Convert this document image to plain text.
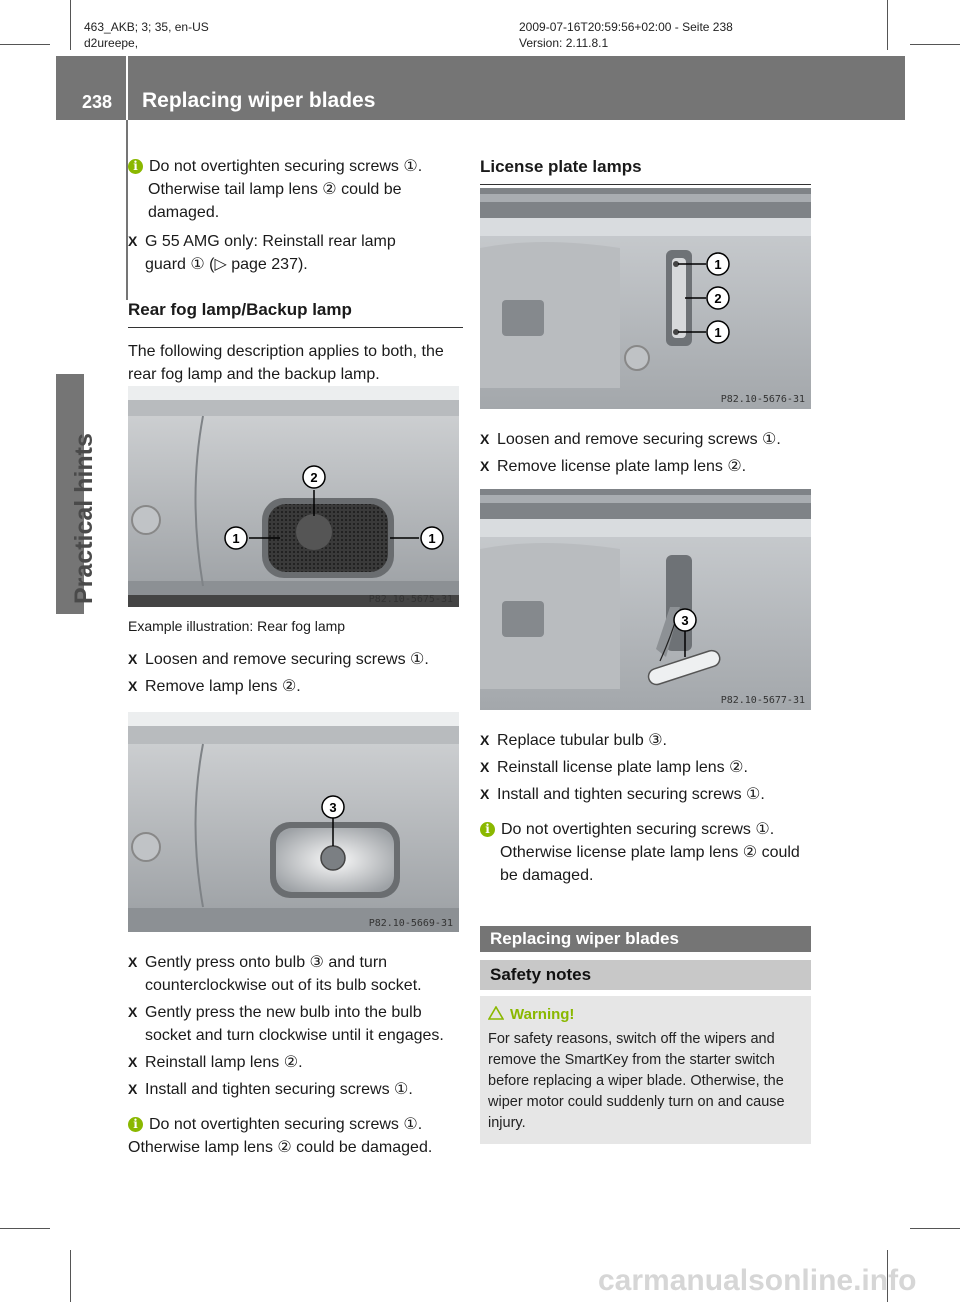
463_AKB; 3; 35, en-US
d2ureepe,
2009-07-16T20:59:56+02:00 - Seite 238
Version: 2.11.8.1
238 Replacing wiper blades
Practical hints
i Do not overtighten securing screws ①.
Otherwise tail lamp lens ② could be
damaged.
X G 55 AMG only: Reinstall rear lamp
guard ① (▷ page 237).
Rear fog lamp/Backup lamp
The following description applies to both, the
rear fog lamp and the backup lamp.
2
1	1
P82.10-5675-31
Example illustration: Rear fog lamp
X Loosen and remove securing screws ①.
X Remove lamp lens ②.
3
P82.10-5669-31
X Gently press onto bulb ③ and turn
counterclockwise out of its bulb socket.
X Gently press the new bulb into the bulb
socket and turn clockwise until it engages.
X Reinstall lamp lens ②.
X Install and tighten securing screws ①.
i Do not overtighten securing screws ①.
Otherwise lamp lens ② could be damaged.
License plate lamps
1
2
1
P82.10-5676-31
X Loosen and remove securing screws ①.
X Remove license plate lamp lens ②.
3
P82.10-5677-31
X Replace tubular bulb ③.
X Reinstall license plate lamp lens ②.
X Install and tighten securing screws ①.
i Do not overtighten securing screws ①.
Otherwise license plate lamp lens ② could
be damaged.
Replacing wiper blades
Safety notes
Warning!
For safety reasons, switch off the wipers and
remove the SmartKey from the starter switch
before replacing a wiper blade. Otherwise, the
wiper motor could suddenly turn on and cause
injury.
carmanualsonline.info
